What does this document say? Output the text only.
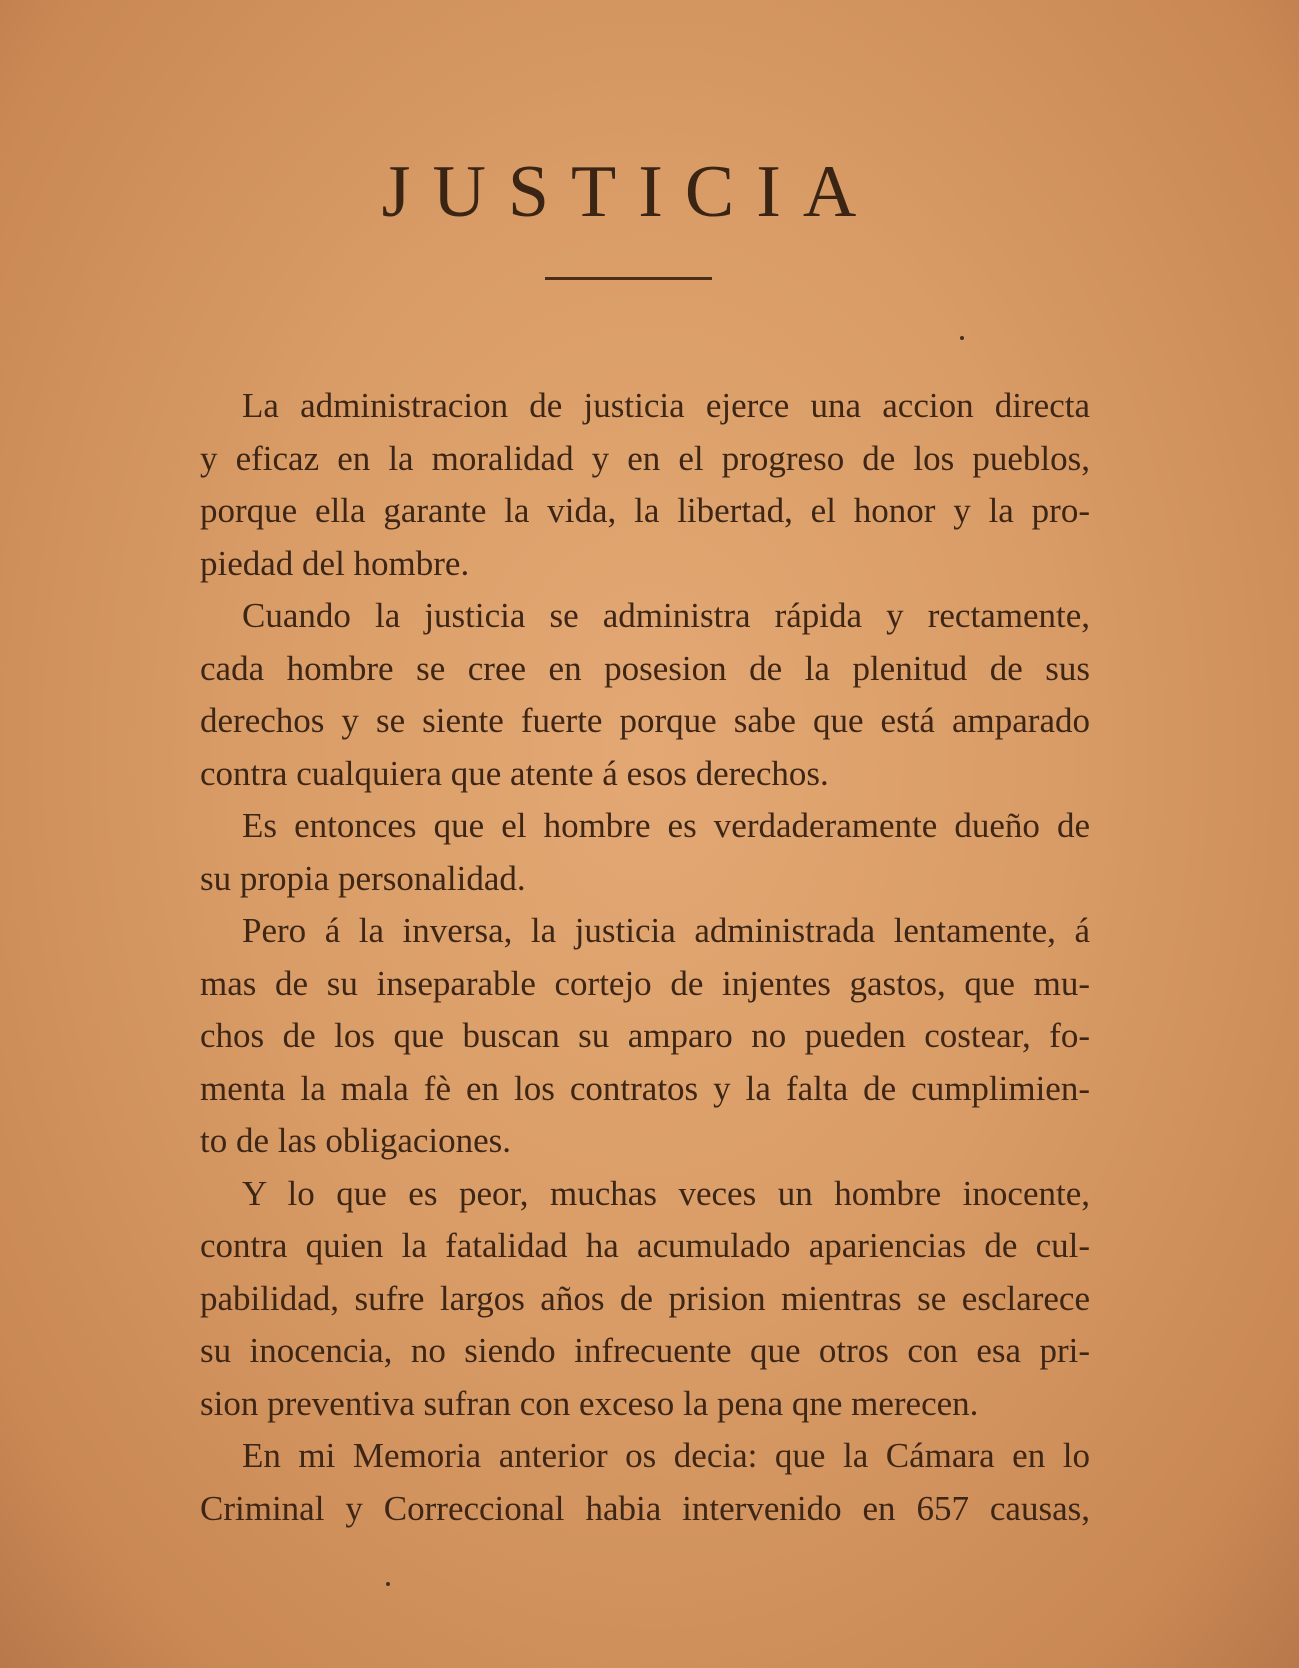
JUSTICIA
La administracion de justicia ejerce una accion directa
y eficaz en la moralidad y en el progreso de los pueblos,
porque ella garante la vida, la libertad, el honor y la pro-
piedad del hombre.
Cuando la justicia se administra rápida y rectamente,
cada hombre se cree en posesion de la plenitud de sus
derechos y se siente fuerte porque sabe que está amparado
contra cualquiera que atente á esos derechos.
Es entonces que el hombre es verdaderamente dueño de
su propia personalidad.
Pero á la inversa, la justicia administrada lentamente, á
mas de su inseparable cortejo de injentes gastos, que mu-
chos de los que buscan su amparo no pueden costear, fo-
menta la mala fè en los contratos y la falta de cumplimien-
to de las obligaciones.
Y lo que es peor, muchas veces un hombre inocente,
contra quien la fatalidad ha acumulado apariencias de cul-
pabilidad, sufre largos años de prision mientras se esclarece
su inocencia, no siendo infrecuente que otros con esa pri-
sion preventiva sufran con exceso la pena qne merecen.
En mi Memoria anterior os decia: que la Cámara en lo
Criminal y Correccional habia intervenido en 657 causas,
